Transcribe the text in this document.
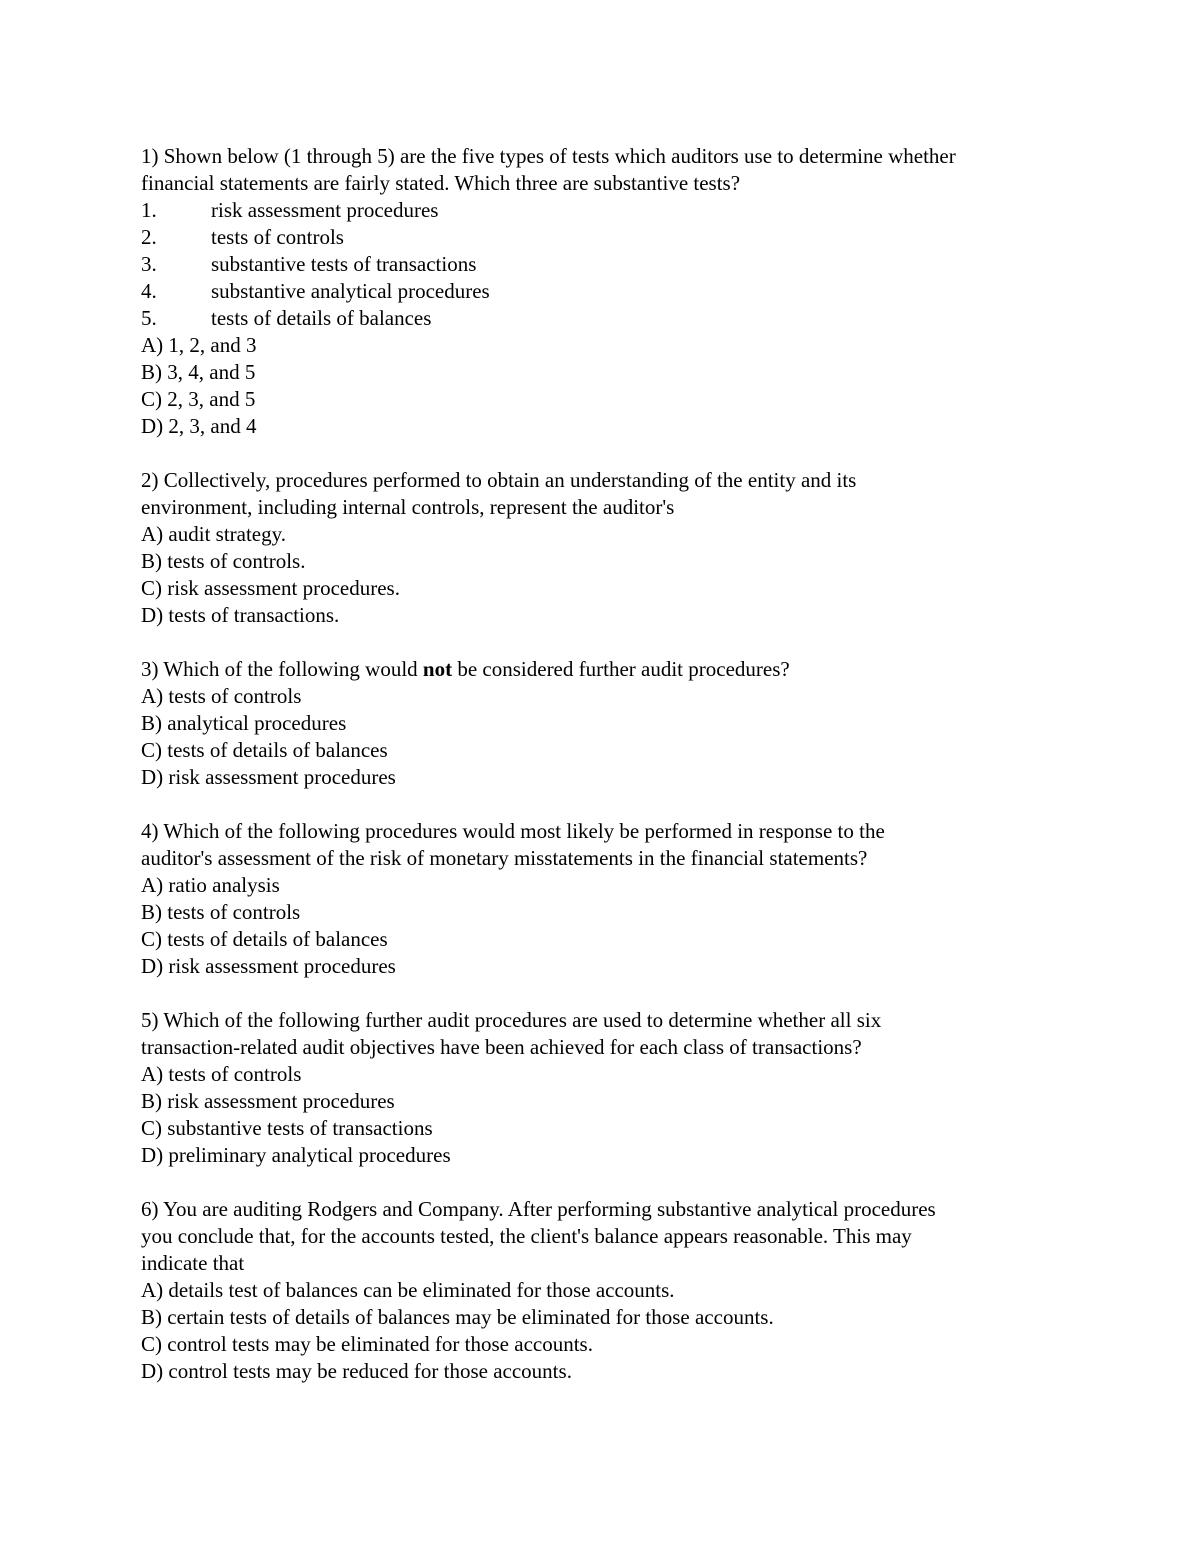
1) Shown below (1 through 5) are the five types of tests which auditors use to determine whether
financial statements are fairly stated. Which three are substantive tests?
1.	risk assessment procedures
2.	tests of controls
3.	substantive tests of transactions
4.	substantive analytical procedures
5.	tests of details of balances
A) 1, 2, and 3
B) 3, 4, and 5
C) 2, 3, and 5
D) 2, 3, and 4
2) Collectively, procedures performed to obtain an understanding of the entity and its
environment, including internal controls, represent the auditor's
A) audit strategy.
B) tests of controls.
C) risk assessment procedures.
D) tests of transactions.
3) Which of the following would not be considered further audit procedures?
A) tests of controls
B) analytical procedures
C) tests of details of balances
D) risk assessment procedures
4) Which of the following procedures would most likely be performed in response to the
auditor's assessment of the risk of monetary misstatements in the financial statements?
A) ratio analysis
B) tests of controls
C) tests of details of balances
D) risk assessment procedures
5) Which of the following further audit procedures are used to determine whether all six
transaction-related audit objectives have been achieved for each class of transactions?
A) tests of controls
B) risk assessment procedures
C) substantive tests of transactions
D) preliminary analytical procedures
6) You are auditing Rodgers and Company. After performing substantive analytical procedures
you conclude that, for the accounts tested, the client's balance appears reasonable. This may
indicate that
A) details test of balances can be eliminated for those accounts.
B) certain tests of details of balances may be eliminated for those accounts.
C) control tests may be eliminated for those accounts.
D) control tests may be reduced for those accounts.
